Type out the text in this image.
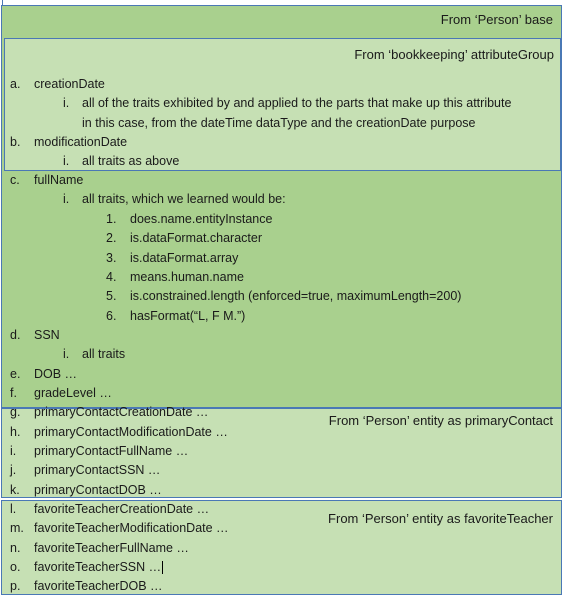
From ‘Person’ base
From ‘bookkeeping’ attributeGroup
From ‘Person’ entity as primaryContact
From ‘Person’ entity as favoriteTeacher
a. creationDate
i. all of the traits exhibited by and applied to the parts that make up this attribute
in this case, from the dateTime dataType and the creationDate purpose
b. modificationDate
i. all traits as above
c. fullName
i. all traits, which we learned would be:
1. does.name.entityInstance
2. is.dataFormat.character
3. is.dataFormat.array
4. means.human.name
5. is.constrained.length (enforced=true, maximumLength=200)
6. hasFormat(“L, F M.”)
d. SSN
i. all traits
e. DOB …
f. gradeLevel …
g. primaryContactCreationDate …
h. primaryContactModificationDate …
i. primaryContactFullName …
j. primaryContactSSN …
k. primaryContactDOB …
l. favoriteTeacherCreationDate …
m. favoriteTeacherModificationDate …
n. favoriteTeacherFullName …
o. favoriteTeacherSSN …
p. favoriteTeacherDOB …
